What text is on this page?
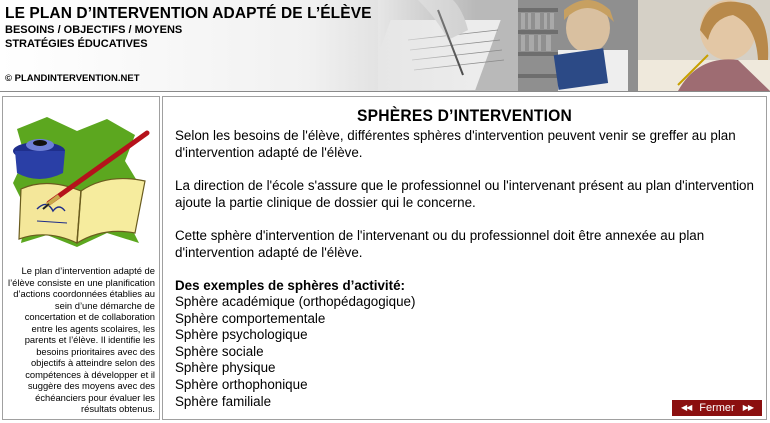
LE PLAN D’INTERVENTION ADAPTÉ DE L’ÉLÈVE
BESOINS / OBJECTIFS / MOYENS
STRATÉGIES ÉDUCATIVES
© PLANDINTERVENTION.NET

Le plan d’intervention adapté de l’élève consiste en une planification d’actions coordonnées établies au sein d’une démarche de concertation et de collaboration entre les agents scolaires, les parents et l’élève. Il identifie les besoins prioritaires avec des objectifs à atteindre selon des compétences à développer et il suggère des moyens avec des échéanciers pour évaluer les résultats obtenus.

SPHÈRES D’INTERVENTION

Selon les besoins de l'élève, différentes sphères d'intervention peuvent venir se greffer au plan d'intervention adapté de l'élève.

La direction de l'école s'assure que le professionnel ou l'intervenant présent au plan d'intervention ajoute la partie clinique de dossier qui le concerne.

Cette sphère d'intervention de l'intervenant ou du professionnel doit être annexée au plan d'intervention adapté de l'élève.

Des exemples de sphères d’activité:
Sphère académique (orthopédagogique)
Sphère comportementale
Sphère psychologique
Sphère sociale
Sphère physique
Sphère orthophonique
Sphère familiale	◀◀ Fermer ▶▶
